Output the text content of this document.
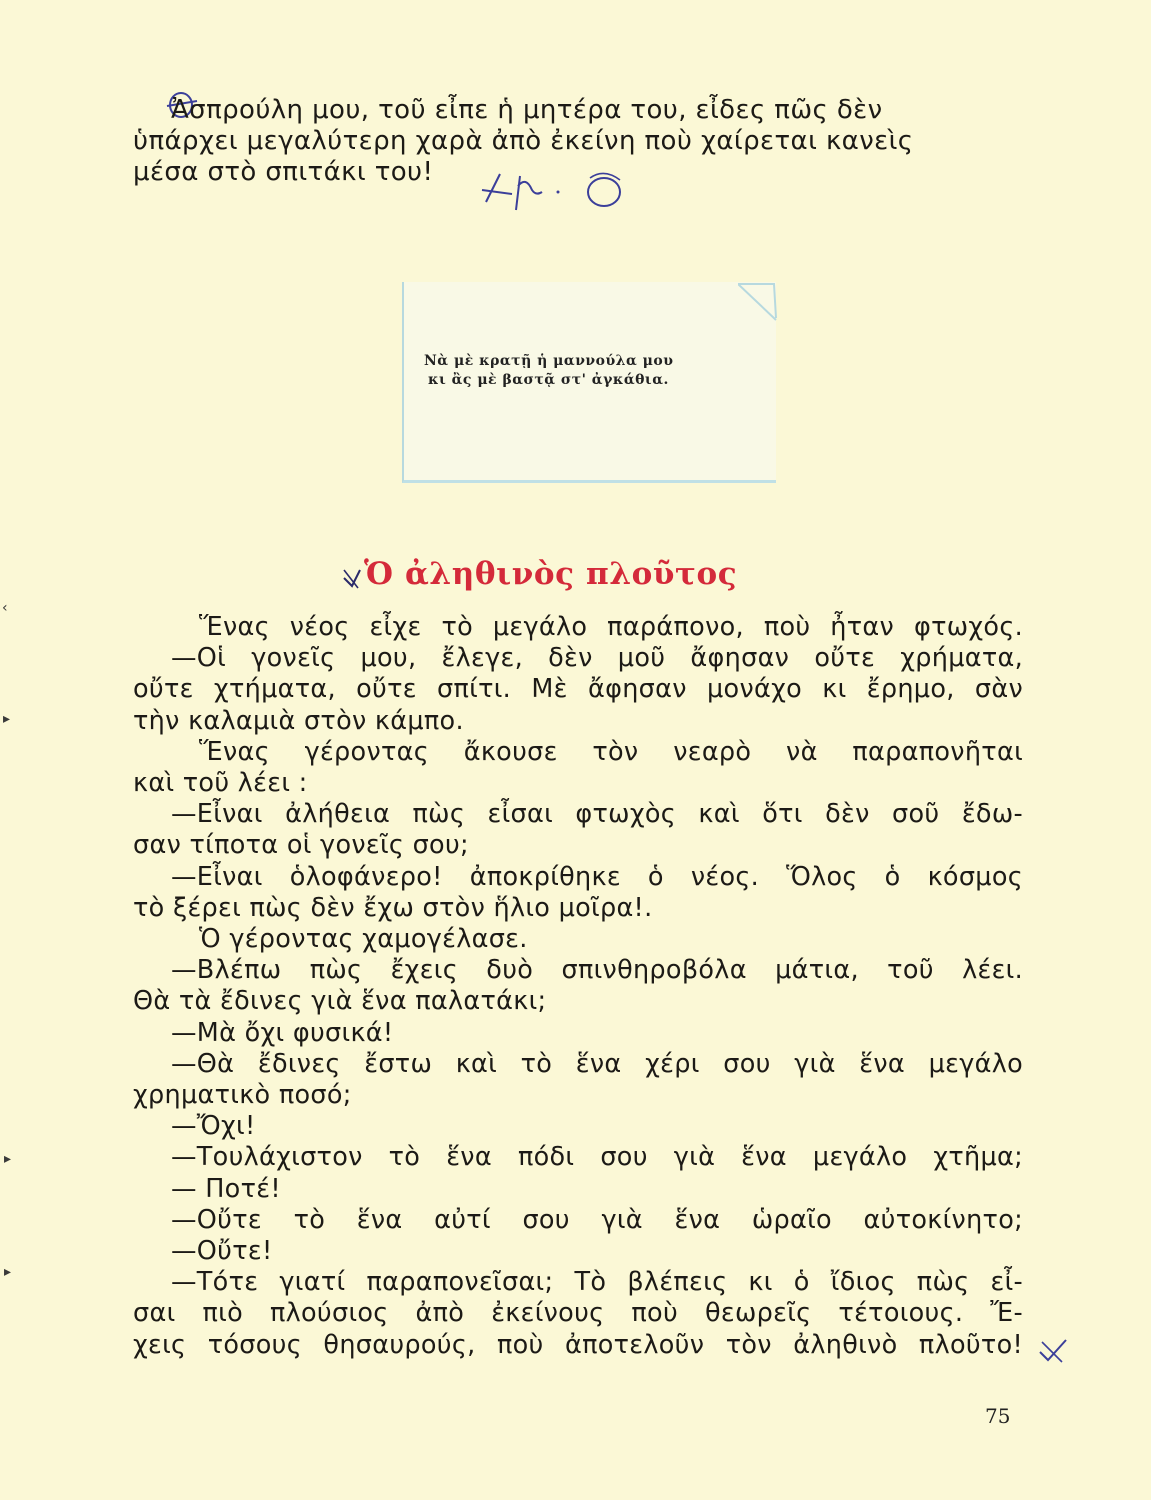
‹
▸
▸
▸
Ἀσπρούλη μου, τοῦ εἶπε ἡ μητέρα του, εἶδες πῶς δὲν
ὑπάρχει μεγαλύτερη χαρὰ ἀπὸ ἐκείνη ποὺ χαίρεται κανεὶς
μέσα στὸ σπιτάκι του!
Νὰ μὲ κρατῇ ἡ μαννούλα μου
κι ἂς μὲ βαστᾷ στ' ἀγκάθια.
Ὁ ἀληθινὸς πλοῦτος
Ἕνας νέος εἶχε τὸ μεγάλο παράπονο, ποὺ ἦταν φτωχός.
—Οἱ γονεῖς μου, ἔλεγε, δὲν μοῦ ἄφησαν οὔτε χρήματα,
οὔτε χτήματα, οὔτε σπίτι. Μὲ ἄφησαν μονάχο κι ἔρημο, σὰν
τὴν καλαμιὰ στὸν κάμπο.
Ἕνας γέροντας ἄκουσε τὸν νεαρὸ νὰ παραπονῆται
καὶ τοῦ λέει :
—Εἶναι ἀλήθεια πὼς εἶσαι φτωχὸς καὶ ὅτι δὲν σοῦ ἔδω-
σαν τίποτα οἱ γονεῖς σου;
—Εἶναι ὁλοφάνερο! ἀποκρίθηκε ὁ νέος. Ὅλος ὁ κόσμος
τὸ ξέρει πὼς δὲν ἔχω στὸν ἥλιο μοῖρα!.
Ὁ γέροντας χαμογέλασε.
—Βλέπω πὼς ἔχεις δυὸ σπινθηροβόλα μάτια, τοῦ λέει.
Θὰ τὰ ἔδινες γιὰ ἕνα παλατάκι;
—Μὰ ὄχι φυσικά!
—Θὰ ἔδινες ἔστω καὶ τὸ ἕνα χέρι σου γιὰ ἕνα μεγάλο
χρηματικὸ ποσό;
—Ὄχι!
—Τουλάχιστον τὸ ἕνα πόδι σου γιὰ ἕνα μεγάλο χτῆμα;
— Ποτέ!
—Οὔτε τὸ ἕνα αὐτί σου γιὰ ἕνα ὡραῖο αὐτοκίνητο;
—Οὔτε!
—Τότε γιατί παραπονεῖσαι; Τὸ βλέπεις κι ὁ ἴδιος πὼς εἶ-
σαι πιὸ πλούσιος ἀπὸ ἐκείνους ποὺ θεωρεῖς τέτοιους. Ἔ-
χεις τόσους θησαυρούς, ποὺ ἀποτελοῦν τὸν ἀληθινὸ πλοῦτο!
75
